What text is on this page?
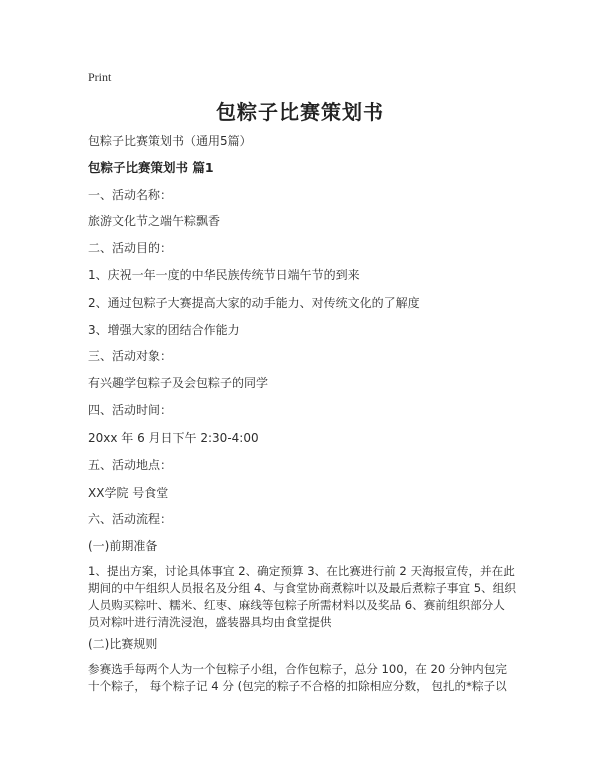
Print
包粽子比赛策划书
包粽子比赛策划书（通用5篇）
包粽子比赛策划书 篇1
一、活动名称：
旅游文化节之端午粽飘香
二、活动目的：
1、庆祝一年一度的中华民族传统节日端午节的到来
2、通过包粽子大赛提高大家的动手能力、对传统文化的了解度
3、增强大家的团结合作能力
三、活动对象：
有兴趣学包粽子及会包粽子的同学
四、活动时间：
20xx 年 6 月日下午 2:30-4:00
五、活动地点：
XX学院 号食堂
六、活动流程：
(一)前期准备
1、提出方案，讨论具体事宜 2、确定预算 3、在比赛进行前 2 天海报宣传，并在此期间的中午组织人员报名及分组 4、与食堂协商煮粽叶以及最后煮粽子事宜 5、组织人员购买粽叶、糯米、红枣、麻线等包粽子所需材料以及奖品 6、赛前组织部分人员对粽叶进行清洗浸泡，盛装器具均由食堂提供
(二)比赛规则
参赛选手每两个人为一个包粽子小组，合作包粽子，总分 100，在 20 分钟内包完十个粽子， 每个粽子记 4 分 (包完的粽子不合格的扣除相应分数， 包扎的*粽子以
